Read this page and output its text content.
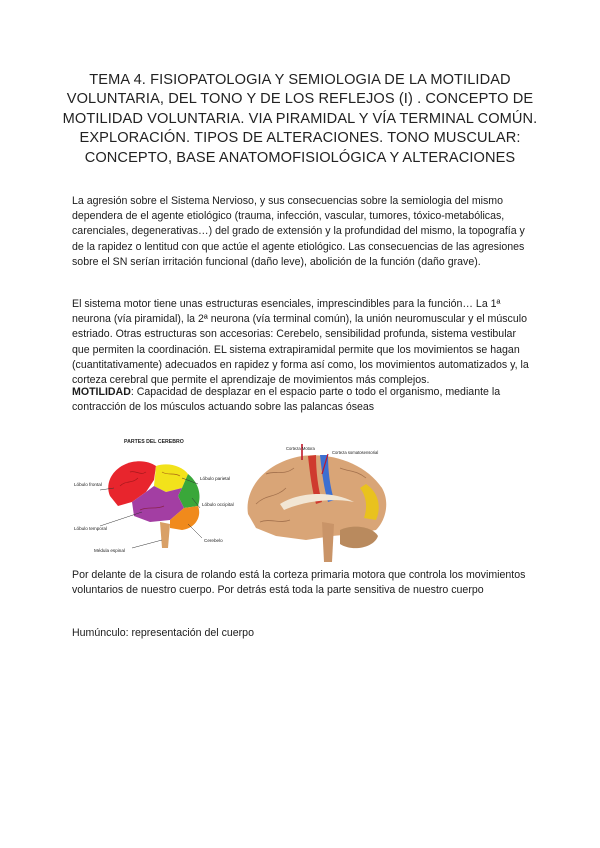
TEMA 4. FISIOPATOLOGIA Y SEMIOLOGIA DE LA MOTILIDAD VOLUNTARIA, DEL TONO Y DE LOS REFLEJOS (I) . CONCEPTO DE MOTILIDAD VOLUNTARIA. VIA PIRAMIDAL Y VÍA TERMINAL COMÚN. EXPLORACIÓN. TIPOS DE ALTERACIONES. TONO MUSCULAR: CONCEPTO, BASE ANATOMOFISIOLÓGICA Y ALTERACIONES

La agresión sobre el Sistema Nervioso, y sus consecuencias sobre la semiologia del mismo dependera de el agente etiológico (trauma, infección, vascular, tumores, tóxico-metabólicas, carenciales, degenerativas…) del grado de extensión y la profundidad del mismo, la topografía y de la rapidez o lentitud con que actúe el agente etiológico. Las consecuencias de las agresiones sobre el SN serían irritación funcional (daño leve), abolición de la función (daño grave).

El sistema motor tiene unas estructuras esenciales, imprescindibles para la función… La 1ª neurona (vía piramidal), la 2ª neurona (vía terminal común), la unión neuromuscular y el músculo estriado. Otras estructuras son accesorias: Cerebelo, sensibilidad profunda, sistema vestibular que permiten la coordinación. EL sistema extrapiramidal permite que los movimientos se hagan (cuantitativamente) adecuados en rapidez y forma así como, los movimientos automatizados y, la corteza cerebral que permite el aprendizaje de movimientos más complejos.

MOTILIDAD: Capacidad de desplazar en el espacio parte o todo el organismo, mediante la contracción de los músculos actuando sobre las palancas óseas

PARTES DEL CEREBRO
Lóbulo frontal
Lóbulo parietal
Lóbulo occipital
Lóbulo temporal
Cerebelo
Médula espinal
Corteza Motora
Corteza somatosensorial

Por delante de la cisura de rolando está la corteza primaria motora que controla los movimientos voluntarios de nuestro cuerpo. Por detrás está toda la parte sensitiva de nuestro cuerpo

Humúnculo: representación del cuerpo
